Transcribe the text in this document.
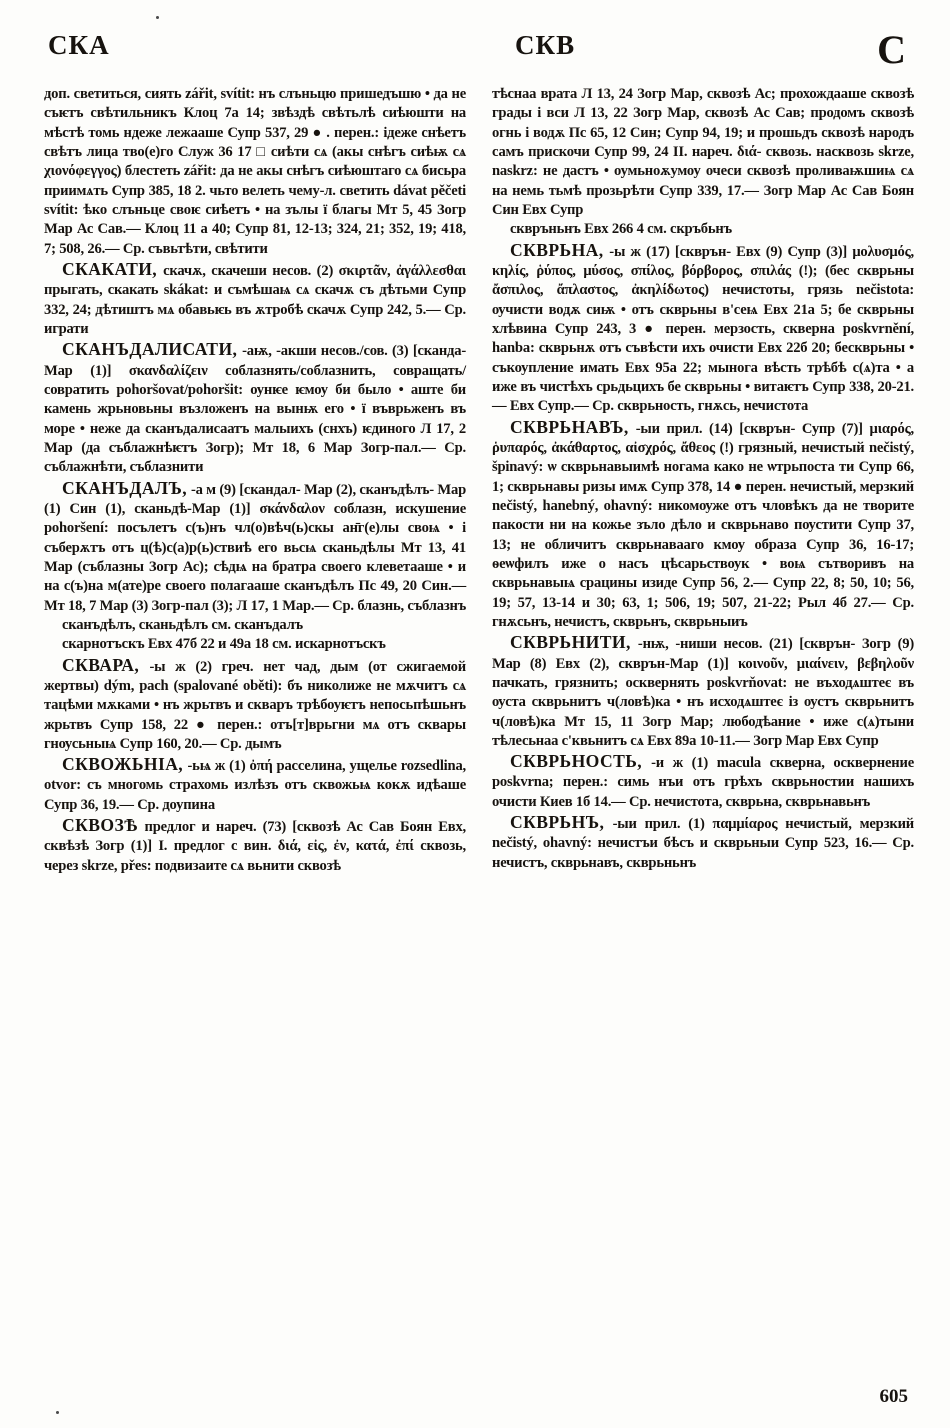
СКА	СКВ	С

доп. светиться, сиять zářit, svítit: нъ слъньцю пришедъшю • да не съѥтъ свѣтильникъ Клоц 7а 14; звѣздѣ свѣтьлѣ сиѣюшти на мѣстѣ томь ндеже лежааше Супр 537, 29 ● . перен.: ідеже снѣетъ свѣтъ лица тво(е)го Служ 36 17 □ сиѣти сѧ (акы снѣгъ сиѣѭ сѧ χιονόφεγγος) блестеть zářit: да не акы снѣгъ сиѣюштаго сѧ бисьра приимѧть Супр 385, 18 2. чьто велеть чему-л. светить dávat pěčeti svítit: ѣко слъньце своѥ сиѣетъ • на зълы ї благы Мт 5, 45 Зогр Мар Ас Сав.— Клоц 11 а 40; Супр 81, 12-13; 324, 21; 352, 19; 418, 7; 508, 26.— Ср. съвьтѣти, свѣтити

СКАКАТИ, скачѫ, скачеши несов. (2) σκιρτᾶν, ἀγάλλεσθαι прыгать, скакать skákat: и съмѣшаѩ сѧ скачѫ съ дѣтьми Супр 332, 24; дѣтиштъ мѧ обавьѥь въ ѫтробѣ скачѫ Супр 242, 5.— Ср. играти

СКАНЪДАЛИСАТИ, -аѭ, -акши несов./сов. (3) [сканда- Мар (1)] σκανδαλίζειν соблазнять/соблазнить, совращать/совратить pohoršovat/pohoršit: оунѥе ѥмоу би было • аште би камень жрьновьны възложенъ на вынѭ его • ї въврьженъ въ море • неже да сканъдалисаатъ малыихъ (снхъ) ѥдиного Л 17, 2 Мар (да съблажнѣѥтъ Зогр); Мт 18, 6 Мар Зогр-пал.— Ср. съблажнѣти, съблазнити

СКАНЪДАЛЪ, -а м (9) [скандал- Мар (2), сканъдѣлъ- Мар (1) Син (1), сканьдѣ-Мар (1)] σκάνδαλον соблазн, искушение pohoršení: посълетъ с(ъ)нъ чл(о)вѣч(ь)скы ан̄г(е)лы своѩ • і съберѫтъ отъ ц(ѣ)с(а)р(ь)ствиѣ его вьсѩ сканьдѣлы Мт 13, 41 Мар (съблазны Зогр Ас); сѣдѩ на братра своего клеветааше • и на с(ъ)на м(ате)ре своего полагааше сканъдѣлъ Пс 49, 20 Син.— Мт 18, 7 Мар (3) Зогр-пал (3); Л 17, 1 Мар.— Ср. блазнь, съблазнъ

сканъдѣлъ, сканьдѣлъ см. сканъдалъ

скарнотъскъ Евх 47б 22 и 49а 18 см. искарнотъскъ

СКВАРА, -ы ж (2) греч. нет чад, дым (от сжигаемой жертвы) dým, pach (spalované oběti): бъ николиже не мѫчитъ сѧ тацѣми мѫками • нъ жрьтвъ и скваръ трѣбоуѥтъ непосьпѣшьнъ жрьтвъ Супр 158, 22 ● перен.: отъ[т]врьгни мѧ отъ сквары гнѹсьныѩ Супр 160, 20.— Ср. дымъ

СКВОЖЬНІА, -ьѩ ж (1) ὀπή расселина, ущелье rozsedlina, otvor: съ многомь страхомь излѣзъ отъ сквожьѩ кокѫ идѣаше Супр 36, 19.— Ср. доупина

СКВОЗѢ предлог и нареч. (73) [сквозѣ Ас Сав Боян Евх, сквѣзѣ Зогр (1)] I. предлог с вин. διά, εἰς, ἐν, κατά, ἐπί сквозь, через skrze, přes: подвизаите сѧ вьнити сквозѣ

тѣснаа врата Л 13, 24 Зогр Мар, сквозѣ Ас; прохождааше сквозѣ грады і вси Л 13, 22 Зогр Мар, сквозѣ Ас Сав; продомъ сквозѣ огнь і водѫ Пс 65, 12 Син; Супр 94, 19; и прошьдъ сквозѣ народъ самъ прискочи Супр 99, 24 II. нареч. διά- сквозь. насквозь skrze, naskrz: не дастъ • оумьноѫумоу очеси сквозѣ проливаѭшиѩ сѧ на немь тьмѣ прозьрѣти Супр 339, 17.— Зогр Мар Ас Сав Боян Син Евх Супр

сквръньнъ Евх 266 4 см. скръбьнъ

СКВРЬНА, -ы ж (17) [скврън- Евх (9) Супр (3)] μολυσμός, κηλίς, ῥύπος, μύσος, σπίλος, βόρβορος, σπιλάς (!); (бес скврьны ἄσπιλος, ἄπλαστος, ἀκηλίδωτος) нечистоты, грязь nečistota: ѹчисти водѫ сиѭ • отъ скврьны в'сеѩ Евх 21а 5; бе скврьны хлѣвина Супр 243, 3 ● перен. мерзость, скверна poskvrnění, hanba: скврьнѫ отъ съвѣсти ихъ очисти Евх 22б 20; бескврьны • съкоупление имать Евх 95а 22; мынога вѣсть трѣбѣ с(ѧ)та • а иже въ чистѣхъ срьдьцихъ бе скврьны • витаѥтъ Супр 338, 20-21.— Евх Супр.— Ср. скврьность, гнѫсь, нечистота

СКВРЬНАВЪ, -ыи прил. (14) [скврън- Супр (7)] μιαρός, ῥυπαρός, ἀκάθαρτος, αἰσχρός, ἄθεος (!) грязный, нечистый nečistý, špinavý: ѡ скврьнавыимѣ ногама како не ѡтрьпоста ти Супр 66, 1; скврьнавы ризы имѫ Супр 378, 14 ● перен. нечистый, мерзкий nečistý, hanebný, ohavný: никомѹже отъ чловѣкъ да не творите пакости ни на кожье зъло дѣло и скврьнаво пѹстити Супр 37, 13; не обличитъ скврьнавааго кмоу образа Супр 36, 16-17; ѳеѡфилъ иже о насъ цѣсарьствоук • воѩ сътворивъ на скврьнавыѩ срацины изиде Супр 56, 2.— Супр 22, 8; 50, 10; 56, 19; 57, 13-14 и 30; 63, 1; 506, 19; 507, 21-22; Рыл 4б 27.— Ср. гнѫсьнъ, нечистъ, скврьнъ, скврьныиъ

СКВРЬНИТИ, -нѭ, -ниши несов. (21) [скврън- Зогр (9) Мар (8) Евх (2), скврън-Мар (1)] κοινοῦν, μιαίνειν, βεβηλοῦν пачкать, грязнить; осквернять poskvrňovat: не въходѧштеє въ ѹста скврьнитъ ч(ловѣ)ка • нъ исходѧштеє із ѹстъ скврьнитъ ч(ловѣ)ка Мт 15, 11 Зогр Мар; любодѣание • иже с(ѧ)тыни тѣлесьнаа с'квьнитъ сѧ Евх 89а 10-11.— Зогр Мар Евх Супр

СКВРЬНОСТЬ, -и ж (1) macula скверна, осквернение poskvrna; перен.: симь нъи отъ грѣхъ скврьностии нашихъ очисти Киев 1б 14.— Ср. нечистота, скврьна, скврьнавьнъ

СКВРЬНЪ, -ыи прил. (1) παμμίαρος нечистый, мерзкий nečistý, ohavný: нечистъи бѣсъ и скврьныи Супр 523, 16.— Ср. нечистъ, скврьнавъ, скврьньнъ

605
